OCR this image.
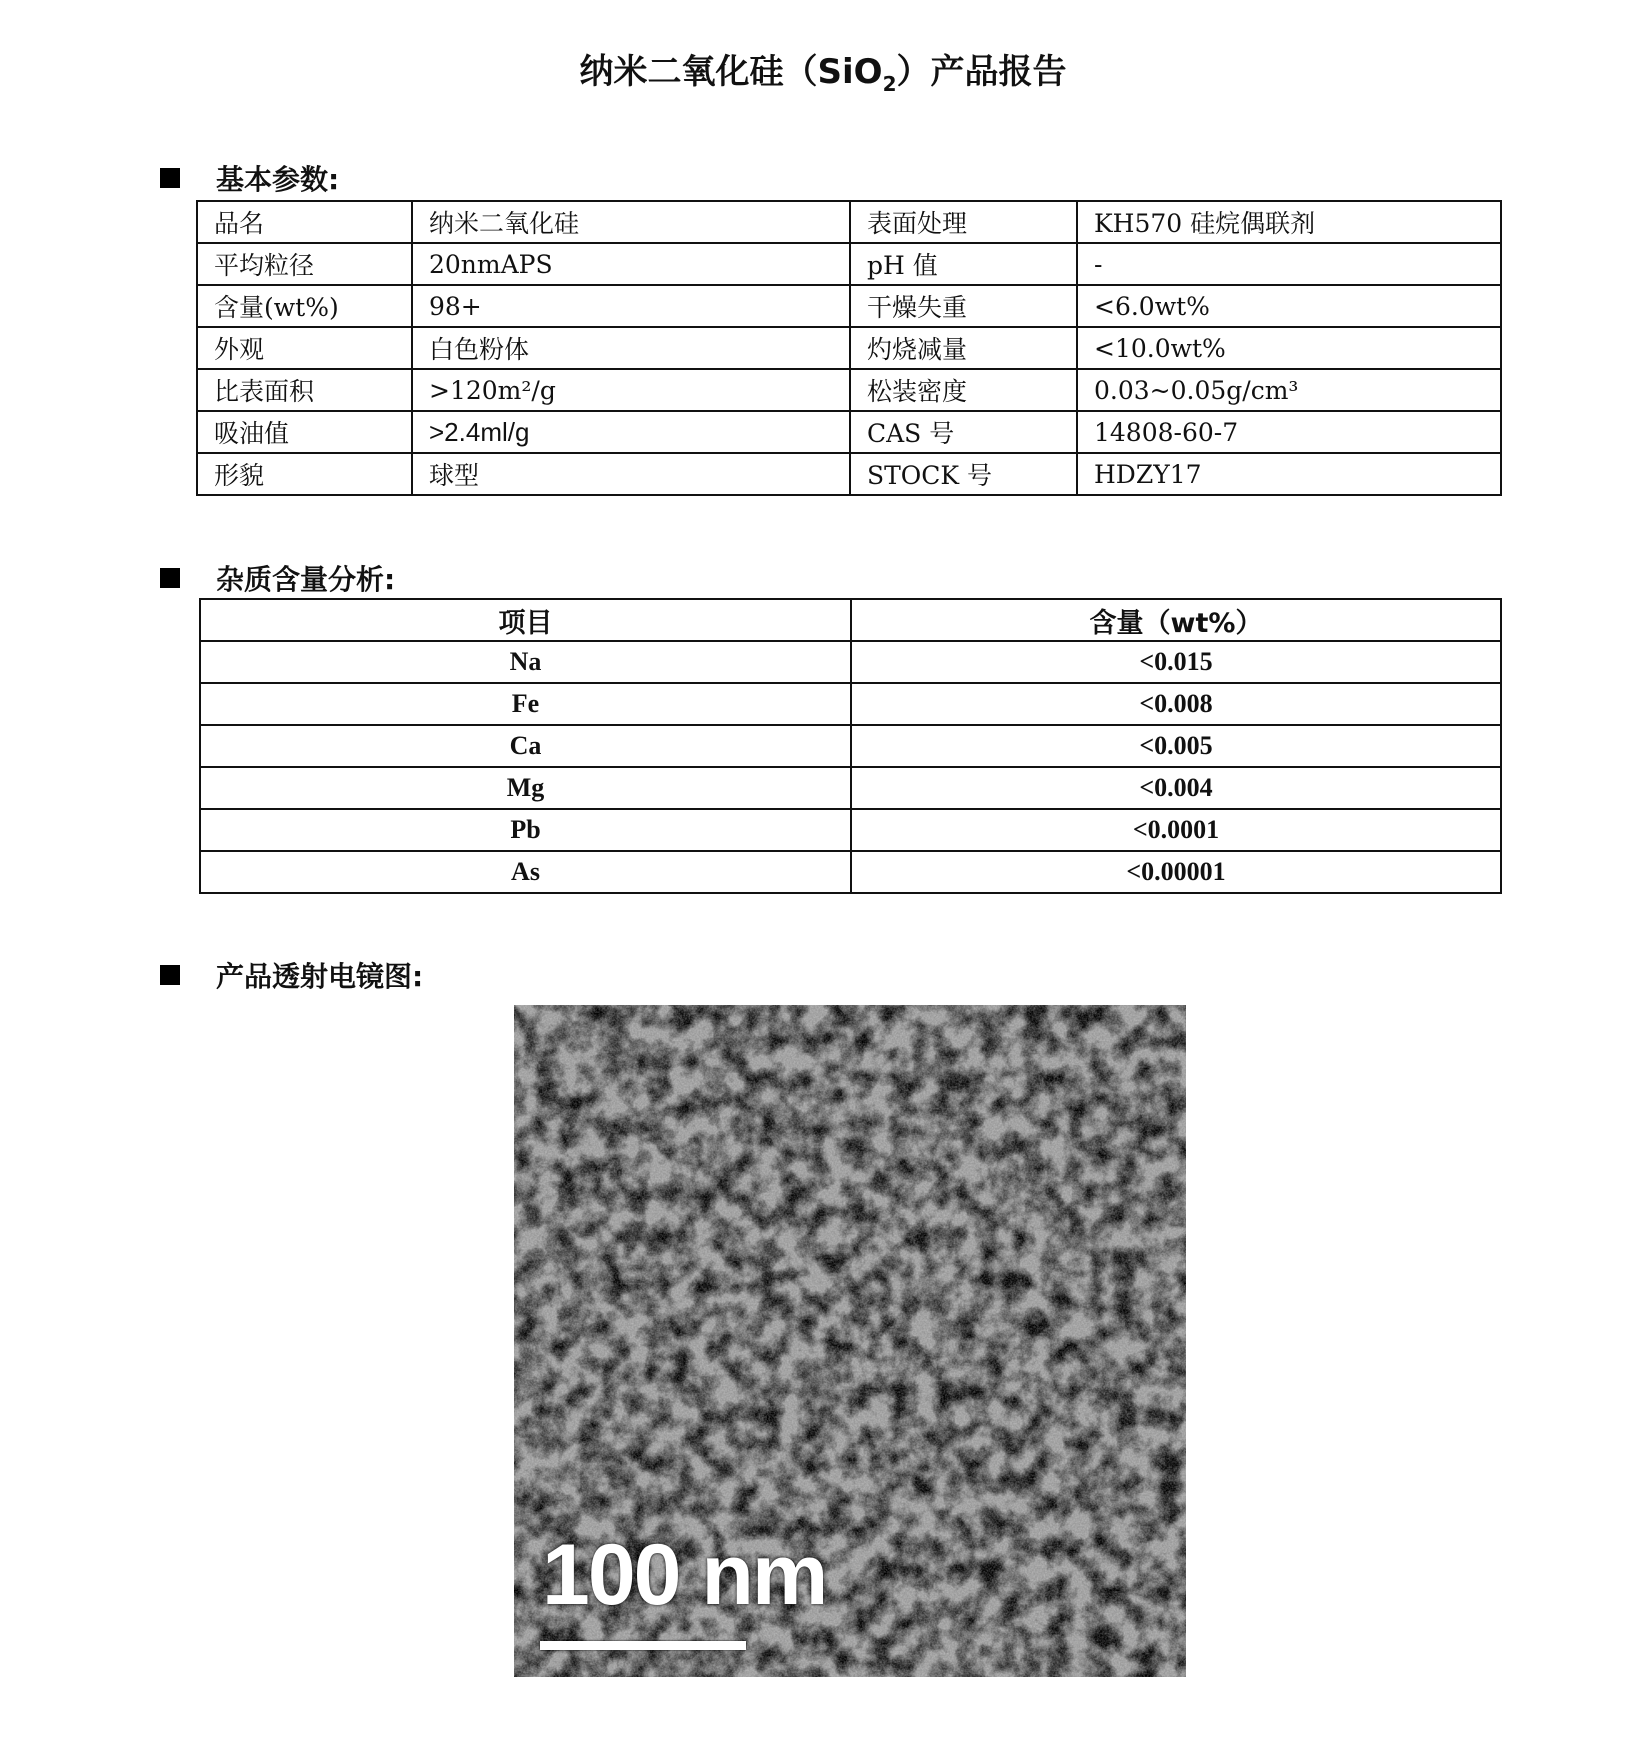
纳米二氧化硅（SiO$_2$）产品报告
基本参数:
品名	纳米二氧化硅	表面处理	KH570 硅烷偶联剂
平均粒径	20nmAPS	pH 值	-
含量(wt%)	98+	干燥失重	<6.0wt%
外观	白色粉体	灼烧减量	<10.0wt%
比表面积	>120m²/g	松装密度	0.03~0.05g/cm³
吸油值	>2.4ml/g	CAS 号	14808-60-7
形貌	球型	STOCK 号	HDZY17
杂质含量分析:
项目	含量（wt%）
Na	<0.015
Fe	<0.008
Ca	<0.005
Mg	<0.004
Pb	<0.0001
As	<0.00001
产品透射电镜图:
100 nm
